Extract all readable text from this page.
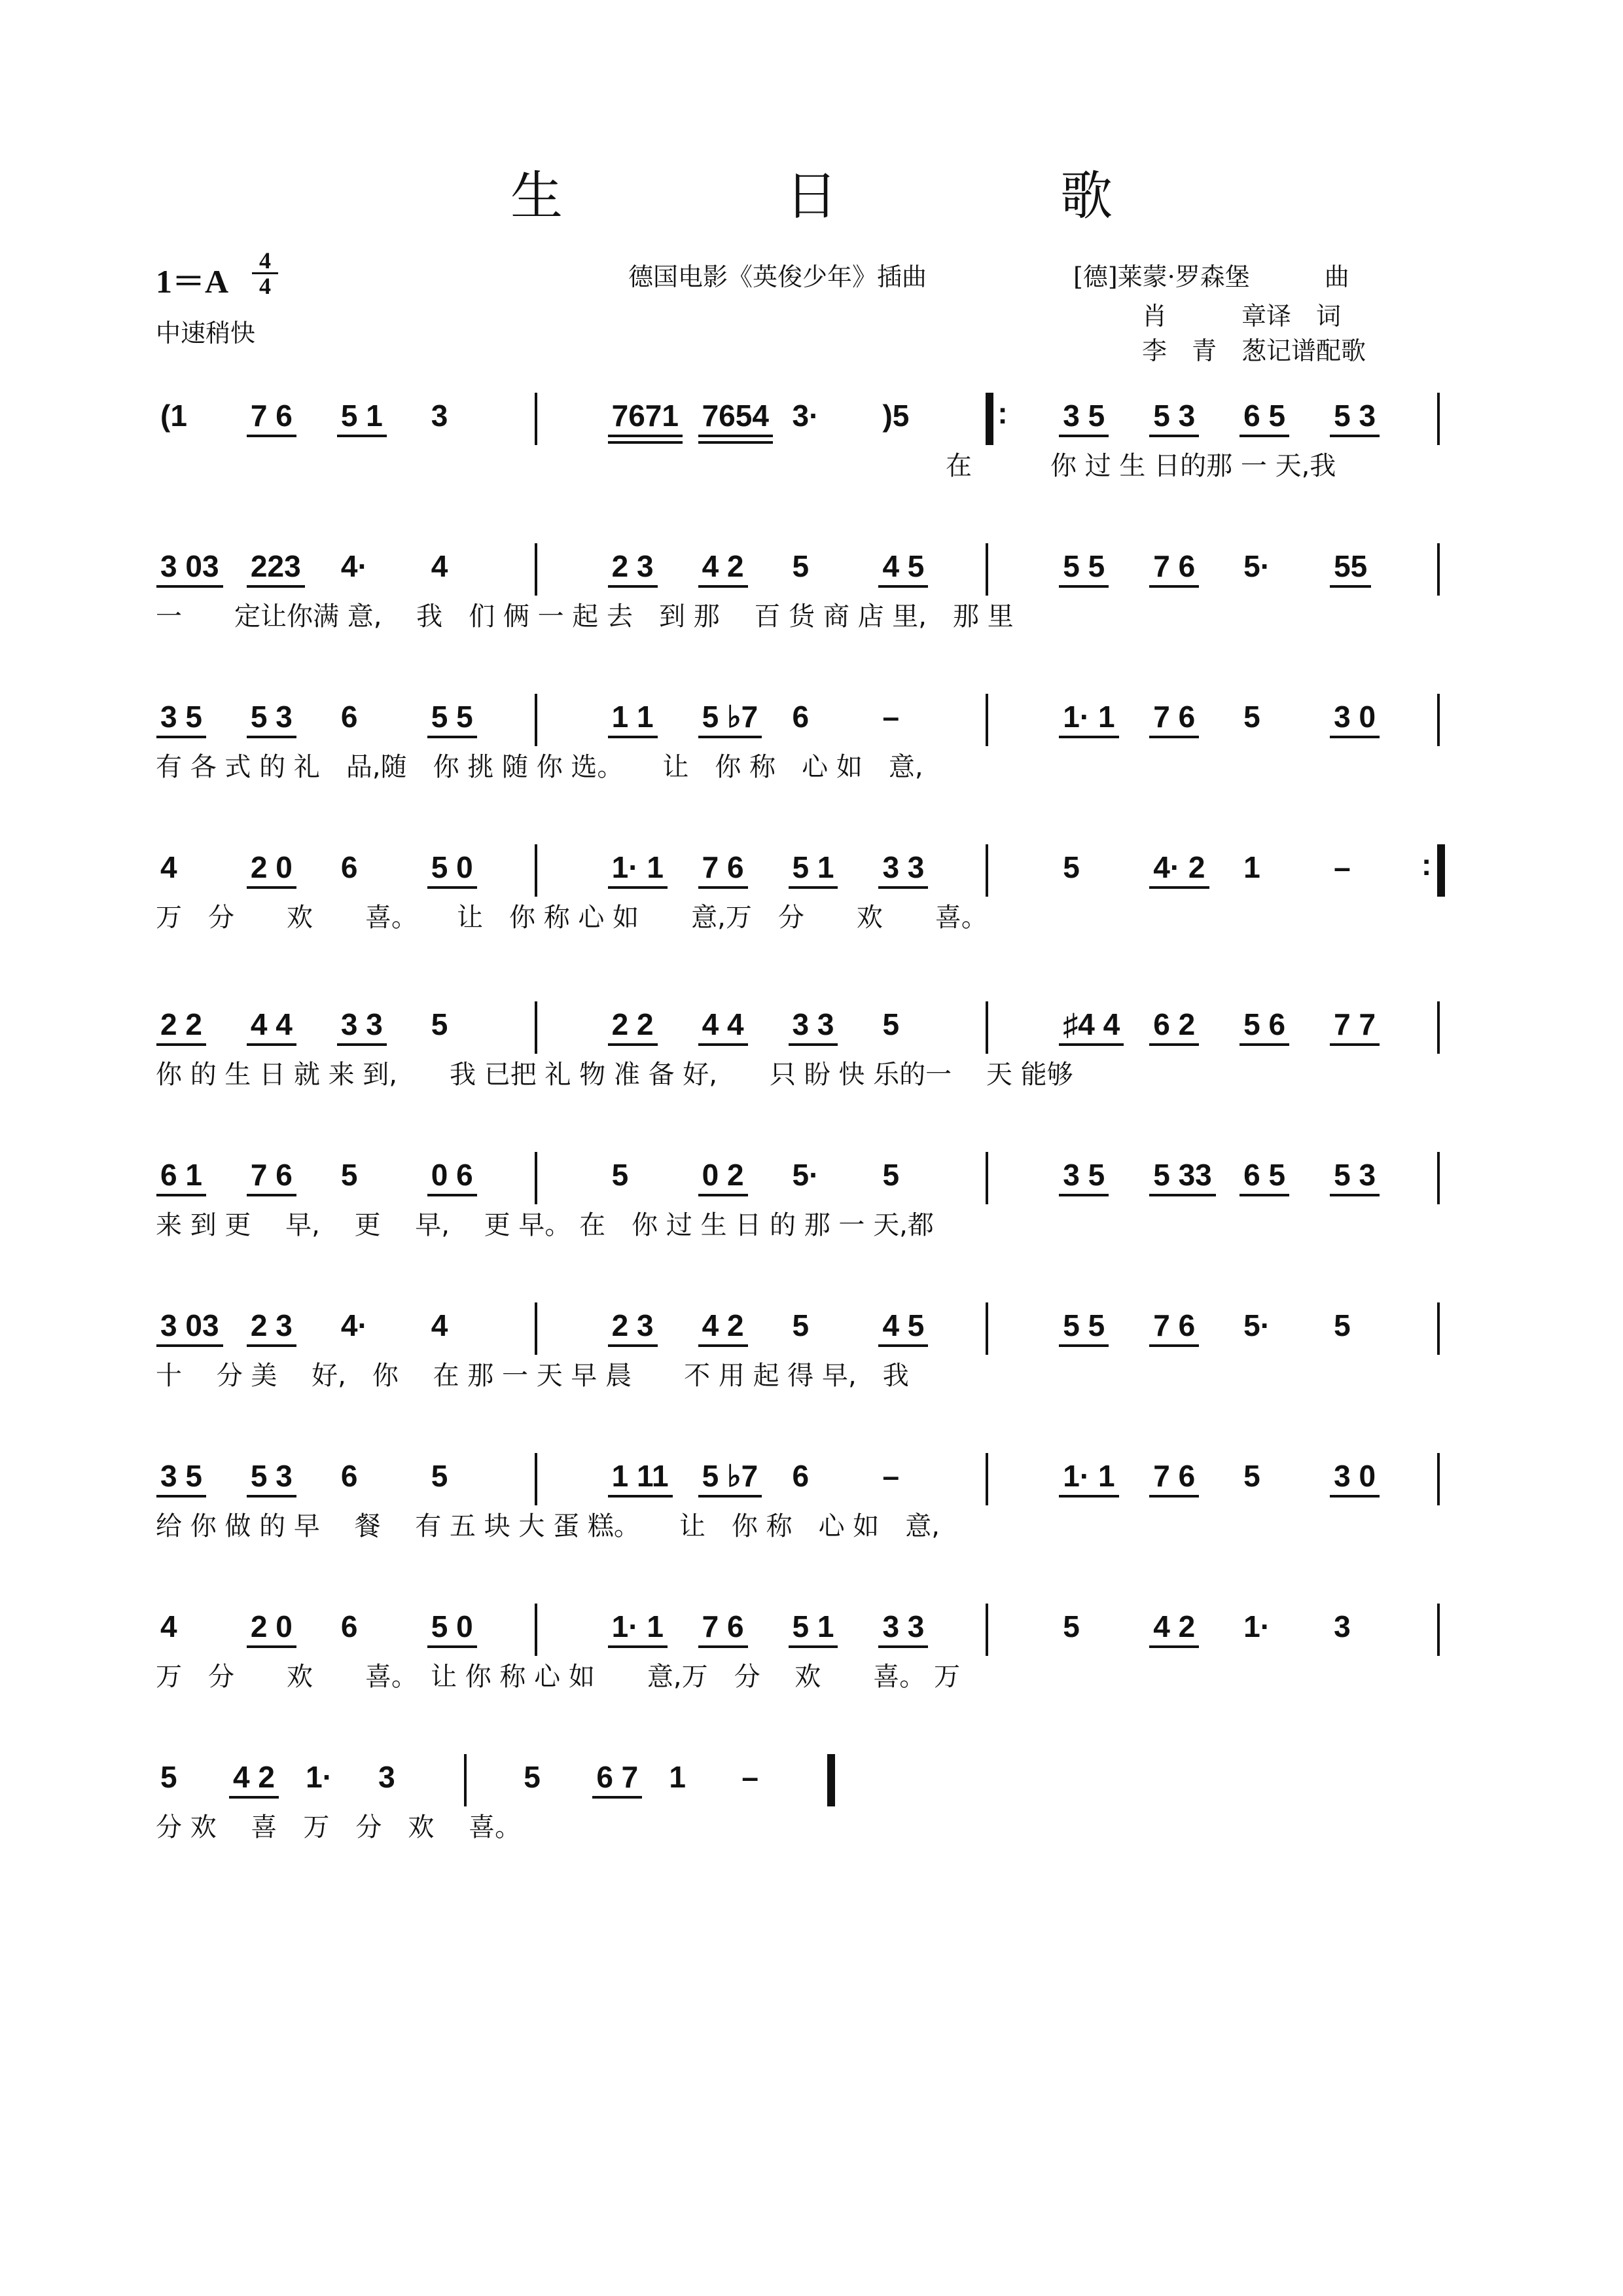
生　日　歌
$1=A \frac{4}{4}$
中速稍快
德国电影《英俊少年》插曲	[德]莱蒙·罗森堡　　　曲
肖　　　章译　词
李　青　葱记谱配歌
(1 7 6 5 1 3	7671 7654 3· )5	: 3 5 5 3 6 5 5 3
在　　　你 过 生 日的那 一 天,我
3 03 223 4· 4	2 3 4 2 5 4 5	5 5 7 6 5· 55
一　　定让你满 意,　 我　们 俩 一 起 去　到 那　 百 货 商 店 里,　那 里
3 5 5 3 6 5 5	1 1 5 ♭7 6 –	1· 1 7 6 5 3 0
有 各 式 的 礼　品,随　你 挑 随 你 选。　　让　你 称　心 如　意,
4 2 0 6 5 0	1· 1 7 6 5 1 3 3	5 4· 2 1 – :
万　分　　欢　　喜。　　让　你 称 心 如　　意,万　分　　欢　　喜。
2 2 4 4 3 3 5	2 2 4 4 3 3 5	♯4 4 6 2 5 6 7 7
你 的 生 日 就 来 到,　　我 已把 礼 物 准 备 好,　　只 盼 快 乐的一　 天 能够
6 1 7 6 5 0 6	5 0 2 5· 5	3 5 5 33 6 5 5 3
来 到 更　 早,　 更　 早,　 更 早。 在　你 过 生 日 的 那 一 天,都
3 03 2 3 4· 4	2 3 4 2 5 4 5	5 5 7 6 5· 5
十　 分 美　 好,　你　 在 那 一 天 早 晨　　不 用 起 得 早,　我
3 5 5 3 6 5	1 11 5 ♭7 6 –	1· 1 7 6 5 3 0
给 你 做 的 早　 餐　 有 五 块 大 蛋 糕。　　让　你 称　心 如　意,
4 2 0 6 5 0	1· 1 7 6 5 1 3 3	5 4 2 1· 3
万　分　　欢　　喜。　让 你 称 心 如　　意,万　分　 欢　　喜。 万
5 4 2 1· 3	5 6 7 1 –
分 欢　 喜　万　分　欢　 喜。
